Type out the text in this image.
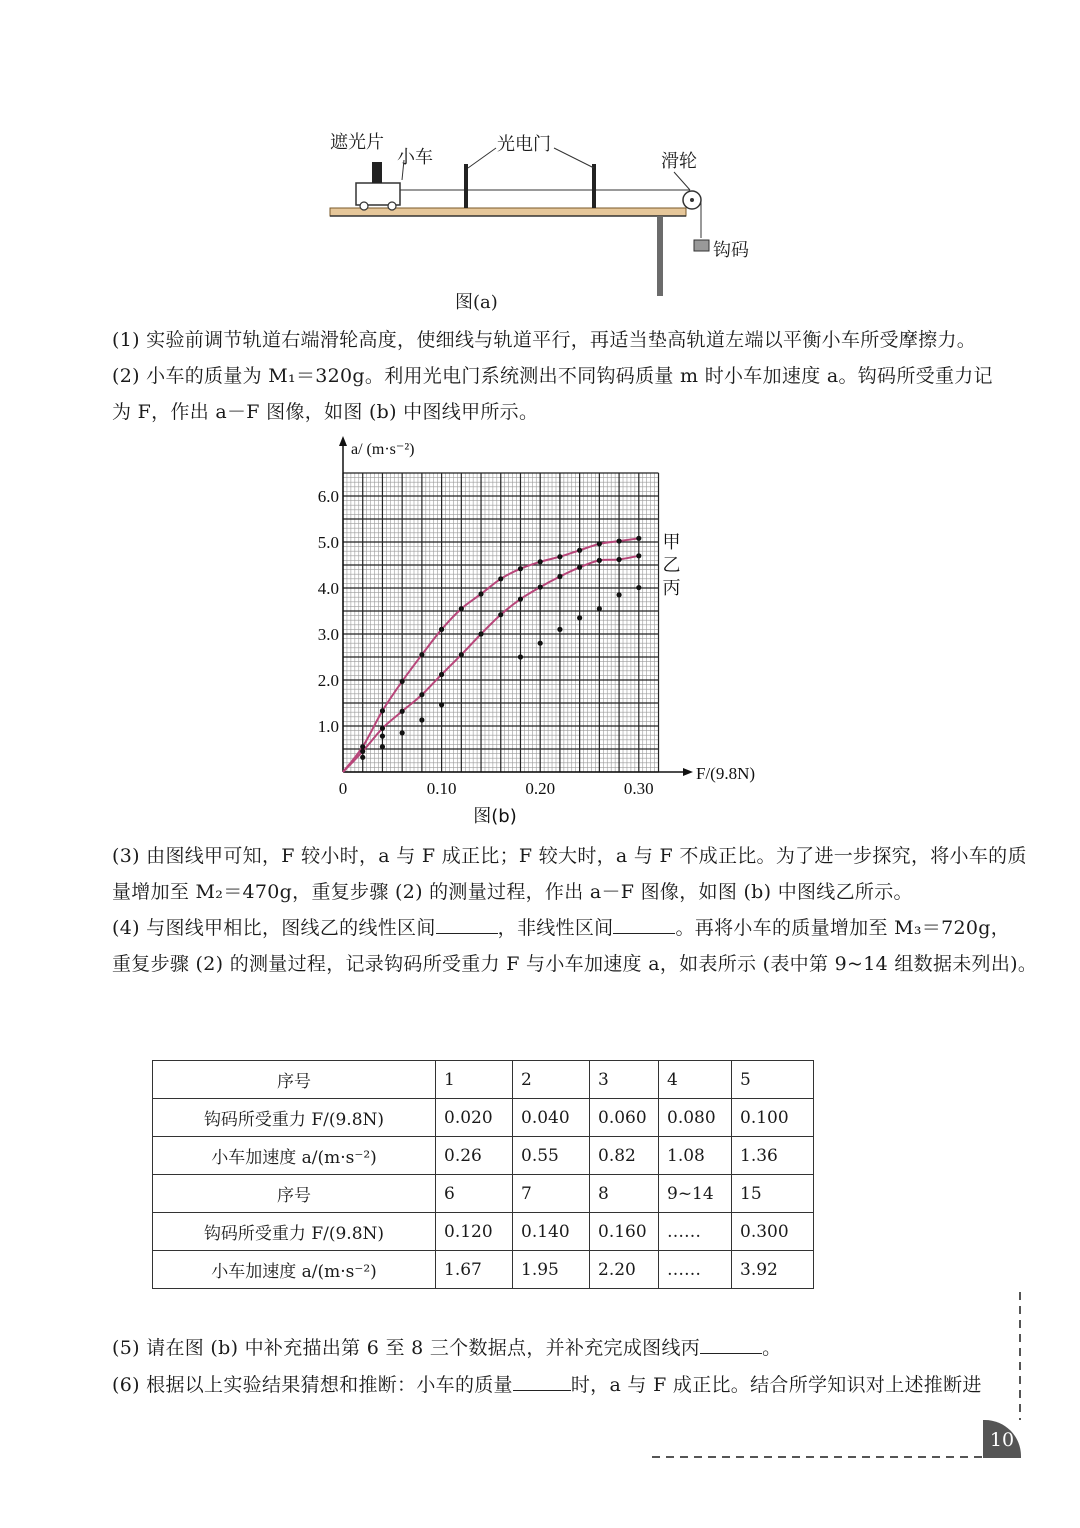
遮光片
小车
光电门
滑轮
钩码
图(a)
(1) 实验前调节轨道右端滑轮高度，使细线与轨道平行，再适当垫高轨道左端以平衡小车所受摩擦力。
(2) 小车的质量为 M₁＝320g。利用光电门系统测出不同钩码质量 m 时小车加速度 a。钩码所受重力记
为 F，作出 a－F 图像，如图 (b) 中图线甲所示。
0.10	0.20	0.30
1.0
2.0
3.0
4.0
5.0
6.0
0
a/ (m·s⁻²)
F/(9.8N)
甲
乙
丙
图(b)
(3) 由图线甲可知，F 较小时，a 与 F 成正比；F 较大时，a 与 F 不成正比。为了进一步探究，将小车的质
量增加至 M₂＝470g，重复步骤 (2) 的测量过程，作出 a－F 图像，如图 (b) 中图线乙所示。
(4) 与图线甲相比，图线乙的线性区间	，非线性区间	。再将小车的质量增加至 M₃＝720g，
重复步骤 (2) 的测量过程，记录钩码所受重力 F 与小车加速度 a，如表所示 (表中第 9~14 组数据未列出)。
序号	1	2	3	4	5
钩码所受重力 F/(9.8N)	0.020	0.040	0.060	0.080	0.100
小车加速度 a/(m·s⁻²)	0.26	0.55	0.82	1.08	1.36
序号	6	7	8	9~14	15
钩码所受重力 F/(9.8N)	0.120	0.140	0.160	……	0.300
小车加速度 a/(m·s⁻²)	1.67	1.95	2.20	……	3.92
(5) 请在图 (b) 中补充描出第 6 至 8 三个数据点，并补充完成图线丙	。
(6) 根据以上实验结果猜想和推断：小车的质量	时，a 与 F 成正比。结合所学知识对上述推断进
10
